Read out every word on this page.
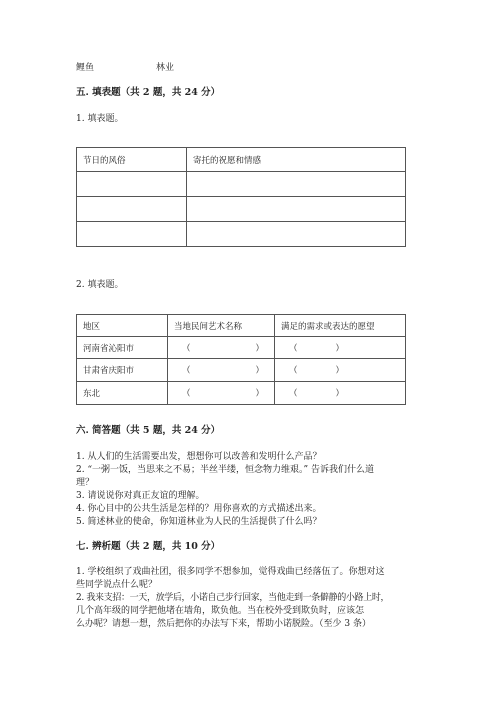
鲤鱼	林业
五. 填表题（共 2 题，共 24 分）
1. 填表题。
节日的风俗	寄托的祝愿和情感

2. 填表题。
地区	当地民间艺术名称	满足的需求或表达的愿望
河南省沁阳市	（ ）	（ ）

甘肃省庆阳市	（ ）	（ ）

东北	（ ）	（ ）
六. 简答题（共 5 题，共 24 分）
1. 从人们的生活需要出发，想想你可以改善和发明什么产品？
2. “一粥一饭，当思来之不易；半丝半缕，恒念物力维艰。” 告诉我们什么道
理？
3. 请说说你对真正友谊的理解。
4. 你心目中的公共生活是怎样的？用你喜欢的方式描述出来。
5. 简述林业的使命，你知道林业为人民的生活提供了什么吗？
七. 辨析题（共 2 题，共 10 分）
1. 学校组织了戏曲社团，很多同学不想参加，觉得戏曲已经落伍了。你想对这
些同学说点什么呢？
2. 我来支招：一天，放学后，小诺自己步行回家，当他走到一条僻静的小路上时，
几个高年级的同学把他堵在墙角，欺负他。当在校外受到欺负时，应该怎
么办呢？请想一想，然后把你的办法写下来，帮助小诺脱险。（至少 3 条）
